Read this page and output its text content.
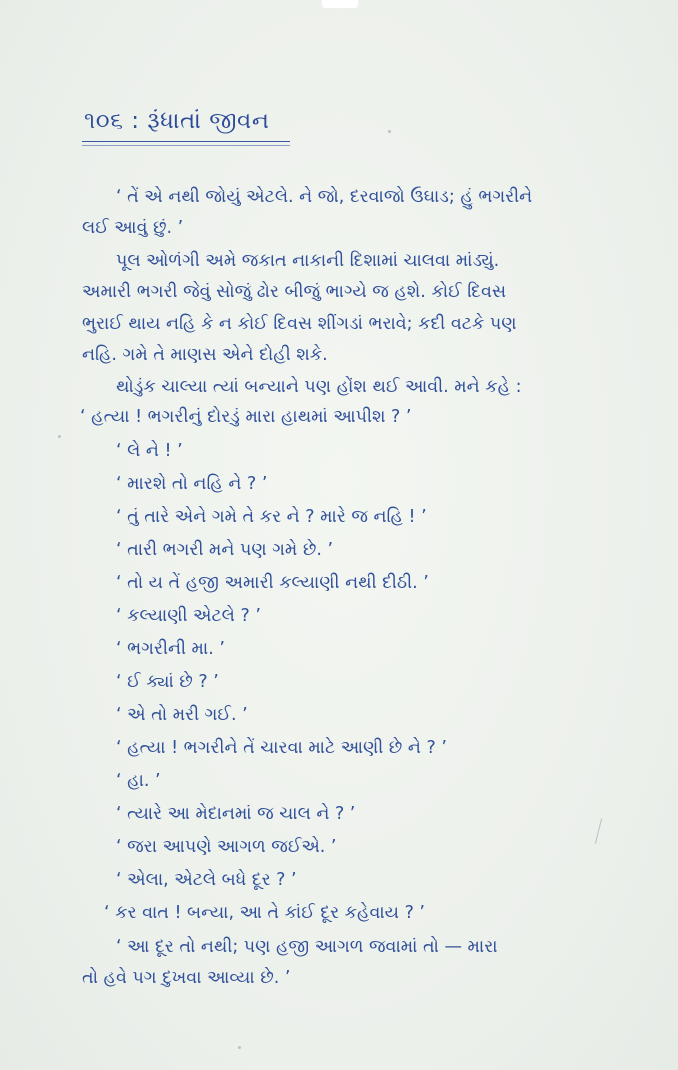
૧૦૬ : રૂંધાતાં જીવન
‘ તેં એ નથી જોયું એટલે. ને જો, દરવાજો ઉઘાડ; હું ભગરીને
લઈ આવું છું. ’
પૂલ ઓળંગી અમે જકાત નાકાની દિશામાં ચાલવા માંડ્યું.
અમારી ભગરી જેવું સોજું ઢોર બીજું ભાગ્યે જ હશે. કોઈ દિવસ
ભુરાઈ થાય નહિ કે ન કોઈ દિવસ શીંગડાં ભરાવે; કદી વટકે પણ
નહિ. ગમે તે માણસ એને દોહી શકે.
થોડુંક ચાલ્યા ત્યાં બન્યાને પણ હોંશ થઈ આવી. મને કહે :
‘ હત્યા ! ભગરીનું દોરડું મારા હાથમાં આપીશ ? ’
‘ લે ને ! ’
‘ મારશે તો નહિ ને ? ’
‘ તું તારે એને ગમે તે કર ને ? મારે જ નહિ ! ’
‘ તારી ભગરી મને પણ ગમે છે. ’
‘ તો ય તેં હજી અમારી કલ્યાણી નથી દીઠી. ’
‘ કલ્યાણી એટલે ? ’
‘ ભગરીની મા. ’
‘ ઈ ક્યાં છે ? ’
‘ એ તો મરી ગઈ. ’
‘ હત્યા ! ભગરીને તેં ચારવા માટે આણી છે ને ? ’
‘ હા. ’
‘ ત્યારે આ મેદાનમાં જ ચાલ ને ? ’
‘ જરા આપણે આગળ જઈએ. ’
‘ એલા, એટલે બધે દૂર ? ’
‘ કર વાત ! બન્યા, આ તે કાંઈ દૂર કહેવાય ? ’
‘ આ દૂર તો નથી; પણ હજી આગળ જવામાં તો — મારા
તો હવે પગ દુખવા આવ્યા છે. ’
